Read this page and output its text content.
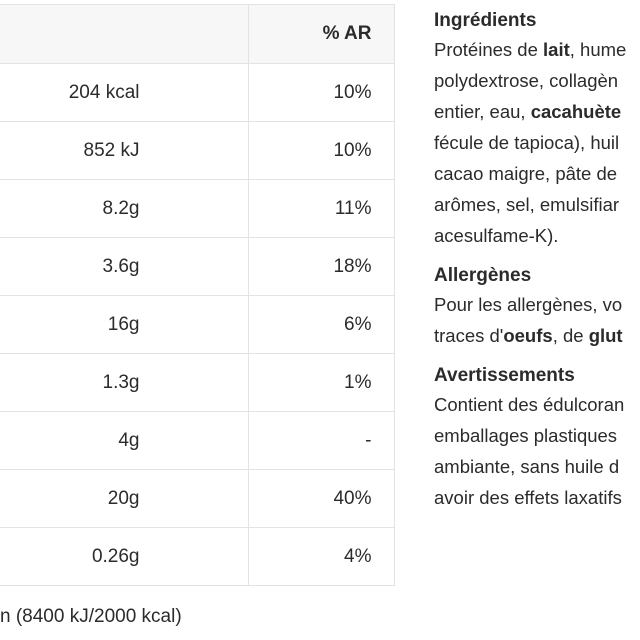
	% AR
204 kcal	10%
852 kJ	10%
8.2g	11%
3.6g	18%
16g	6%
1.3g	1%
4g	-
20g	40%
0.26g	4%
n (8400 kJ/2000 kcal)
Ingrédients

Protéines de lait, hume

polydextrose, collagèn

entier, eau, cacahuète

fécule de tapioca), huil

cacao maigre, pâte de

arômes, sel, emulsifiar

acesulfame-K).

Allergènes

Pour les allergènes, vo

traces d'oeufs, de glut

Avertissements

Contient des édulcoran

emballages plastiques

ambiante, sans huile d

avoir des effets laxatifs
